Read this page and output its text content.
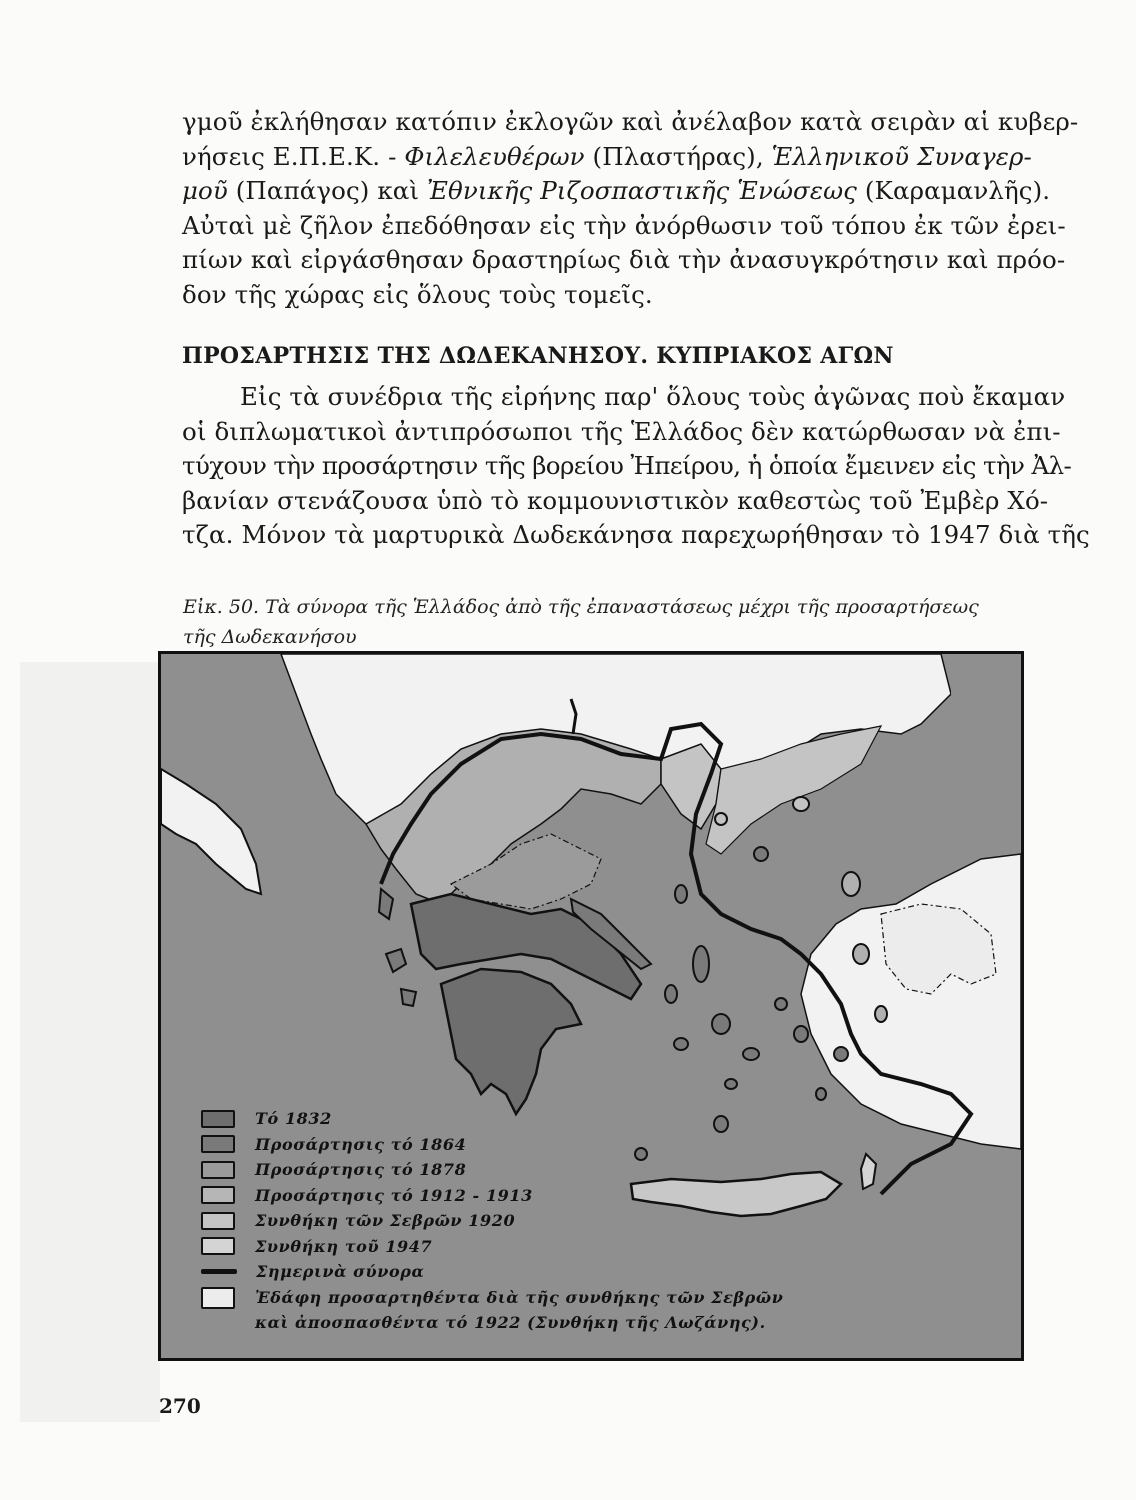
γμοῦ ἐκλήθησαν κατόπιν ἐκλογῶν καὶ ἀνέλαβον κατὰ σειρὰν αἱ κυβερ-
νήσεις Ε.Π.Ε.Κ. - Φιλελευθέρων (Πλαστήρας), Ἑλληνικοῦ Συναγερ-
μοῦ (Παπάγος) καὶ Ἐθνικῆς Ριζοσπαστικῆς Ἑνώσεως (Καραμανλῆς).
Αὐταὶ μὲ ζῆλον ἐπεδόθησαν εἰς τὴν ἀνόρθωσιν τοῦ τόπου ἐκ τῶν ἐρει-
πίων καὶ εἰργάσθησαν δραστηρίως διὰ τὴν ἀνασυγκρότησιν καὶ πρόο-
δον τῆς χώρας εἰς ὅλους τοὺς τομεῖς.
ΠΡΟΣΑΡΤΗΣΙΣ ΤΗΣ ΔΩΔΕΚΑΝΗΣΟΥ. ΚΥΠΡΙΑΚΟΣ ΑΓΩΝ
Εἰς τὰ συνέδρια τῆς εἰρήνης παρ' ὅλους τοὺς ἀγῶνας ποὺ ἔκαμαν
οἱ διπλωματικοὶ ἀντιπρόσωποι τῆς Ἑλλάδος δὲν κατώρθωσαν νὰ ἐπι-
τύχουν τὴν προσάρτησιν τῆς βορείου Ἠπείρου, ἡ ὁποία ἔμεινεν εἰς τὴν Ἀλ-
βανίαν στενάζουσα ὑπὸ τὸ κομμουνιστικὸν καθεστὼς τοῦ Ἐμβὲρ Χό-
τζα. Μόνον τὰ μαρτυρικὰ Δωδεκάνησα παρεχωρήθησαν τὸ 1947 διὰ τῆς
Εἰκ. 50. Τὰ σύνορα τῆς Ἑλλάδος ἀπὸ τῆς ἐπαναστάσεως μέχρι τῆς προσαρτήσεως
τῆς Δωδεκανήσου
Τό 1832
Προσάρτησις τό 1864
Προσάρτησις τό 1878
Προσάρτησις τό 1912 - 1913
Συνθήκη τῶν Σεβρῶν 1920
Συνθήκη τοῦ 1947
Σημερινὰ σύνορα
Ἐδάφη προσαρτηθέντα διὰ τῆς συνθήκης τῶν Σεβρῶν
καὶ ἀποσπασθέντα τό 1922 (Συνθήκη τῆς Λωζάνης).
270
